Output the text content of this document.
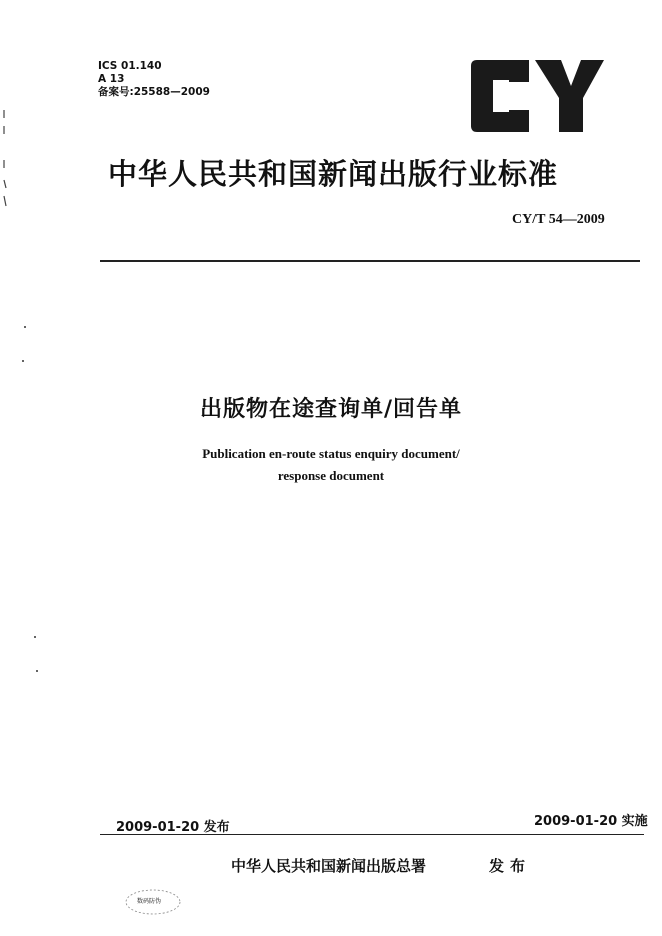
ICS 01.140
A 13
备案号:25588—2009
中华人民共和国新闻出版行业标准
CY/T 54—2009
出版物在途查询单/回告单
Publication en-route status enquiry document/
response document
2009-01-20 发布	2009-01-20 实施
中华人民共和国新闻出版总署	发布
数码防伪
